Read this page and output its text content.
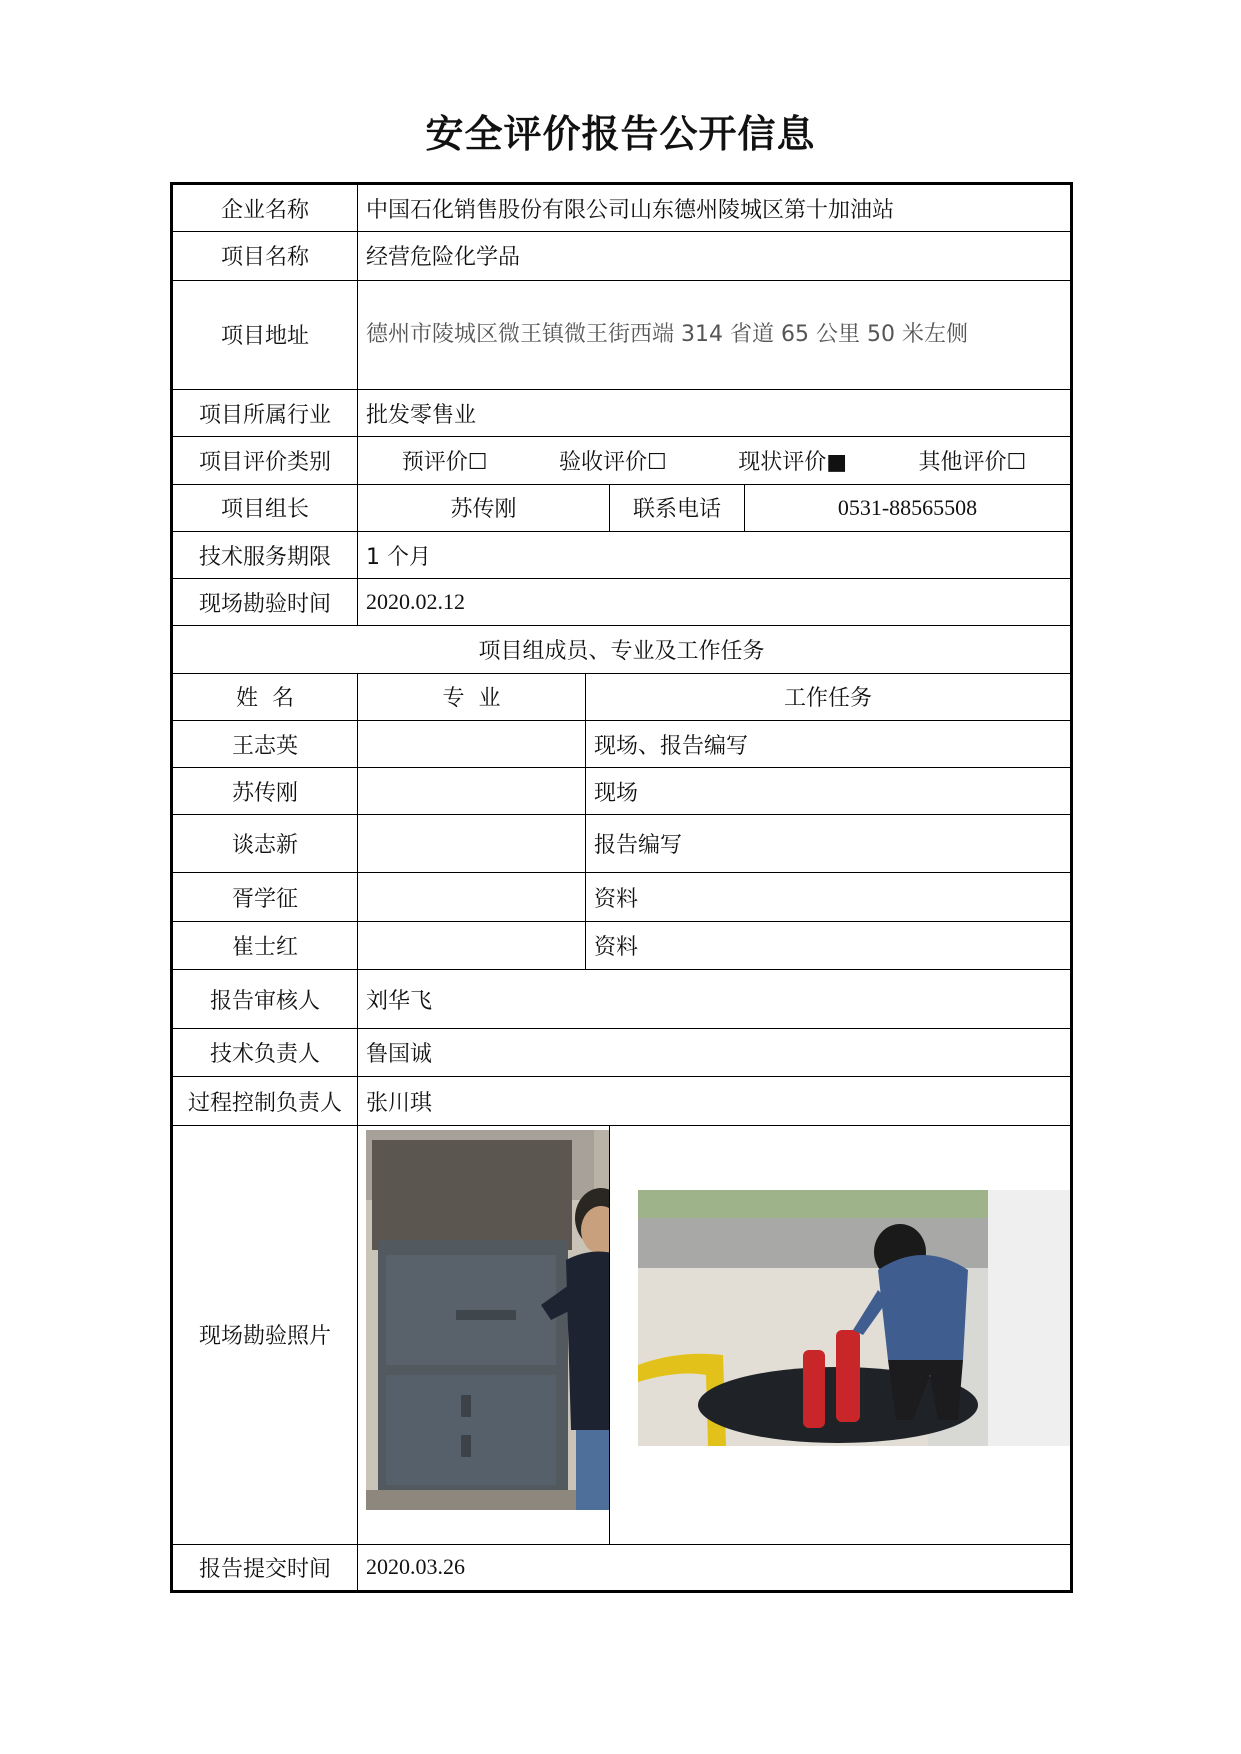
安全评价报告公开信息
企业名称	中国石化销售股份有限公司山东德州陵城区第十加油站			
项目名称	经营危险化学品			
项目地址	德州市陵城区微王镇微王街西端 314 省道 65 公里 50 米左侧			
项目所属行业	批发零售业			
项目评价类别	预评价☐ 验收评价☐ 现状评价■ 其他评价☐			

项目组长	苏传刚		联系电话	0531-88565508
技术服务期限	1 个月			
现场勘验时间	2020.02.12			
项目组成员、专业及工作任务				
姓  名	专  业	工作任务		
王志英		现场、报告编写		
苏传刚		现场		
谈志新		报告编写		
胥学征		资料		
崔士红		资料		
报告审核人	刘华飞			
技术负责人	鲁国诚			
过程控制负责人	张川琪			
现场勘验照片	

报告提交时间	2020.03.26			
